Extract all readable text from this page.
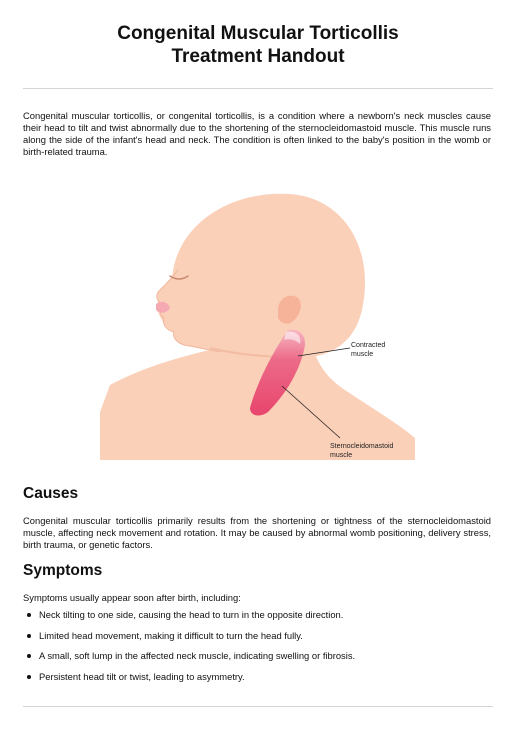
Congenital Muscular Torticollis
Treatment Handout
Congenital muscular torticollis, or congenital torticollis, is a condition where a newborn's neck muscles cause their head to tilt and twist abnormally due to the shortening of the sternocleidomastoid muscle. This muscle runs along the side of the infant's head and neck. The condition is often linked to the baby's position in the womb or birth-related trauma.
Contracted
muscle
Sternocleidomastoid
muscle
Causes
Congenital muscular torticollis primarily results from the shortening or tightness of the sternocleidomastoid muscle, affecting neck movement and rotation. It may be caused by abnormal womb positioning, delivery stress, birth trauma, or genetic factors.
Symptoms
Symptoms usually appear soon after birth, including:
Neck tilting to one side, causing the head to turn in the opposite direction.
Limited head movement, making it difficult to turn the head fully.
A small, soft lump in the affected neck muscle, indicating swelling or fibrosis.
Persistent head tilt or twist, leading to asymmetry.
